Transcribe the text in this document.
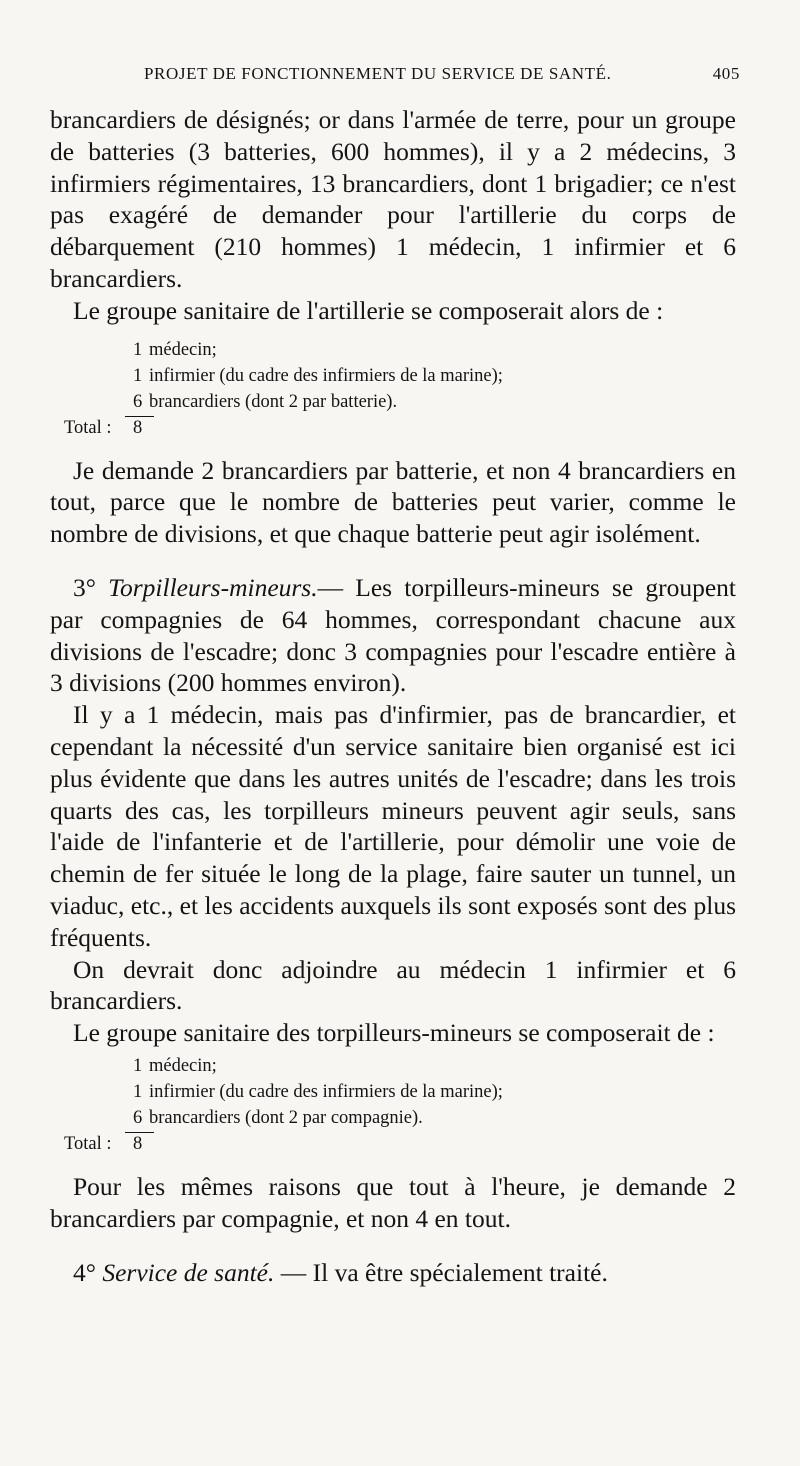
PROJET DE FONCTIONNEMENT DU SERVICE DE SANTÉ.	405

brancardiers de désignés; or dans l'armée de terre, pour un groupe de batteries (3 batteries, 600 hommes), il y a 2 médecins, 3 infirmiers régimentaires, 13 brancardiers, dont 1 brigadier; ce n'est pas exagéré de demander pour l'artillerie du corps de débarquement (210 hommes) 1 médecin, 1 infirmier et 6 brancardiers.

Le groupe sanitaire de l'artillerie se composerait alors de :

1 médecin;
1 infirmier (du cadre des infirmiers de la marine);
6 brancardiers (dont 2 par batterie).
Total : 8

Je demande 2 brancardiers par batterie, et non 4 brancardiers en tout, parce que le nombre de batteries peut varier, comme le nombre de divisions, et que chaque batterie peut agir isolément.

3° Torpilleurs-mineurs.— Les torpilleurs-mineurs se groupent par compagnies de 64 hommes, correspondant chacune aux divisions de l'escadre; donc 3 compagnies pour l'escadre entière à 3 divisions (200 hommes environ).

Il y a 1 médecin, mais pas d'infirmier, pas de brancardier, et cependant la nécessité d'un service sanitaire bien organisé est ici plus évidente que dans les autres unités de l'escadre; dans les trois quarts des cas, les torpilleurs mineurs peuvent agir seuls, sans l'aide de l'infanterie et de l'artillerie, pour démolir une voie de chemin de fer située le long de la plage, faire sauter un tunnel, un viaduc, etc., et les accidents auxquels ils sont exposés sont des plus fréquents.

On devrait donc adjoindre au médecin 1 infirmier et 6 brancardiers.

Le groupe sanitaire des torpilleurs-mineurs se composerait de :

1 médecin;
1 infirmier (du cadre des infirmiers de la marine);
6 brancardiers (dont 2 par compagnie).
Total : 8

Pour les mêmes raisons que tout à l'heure, je demande 2 brancardiers par compagnie, et non 4 en tout.

4° Service de santé. — Il va être spécialement traité.
